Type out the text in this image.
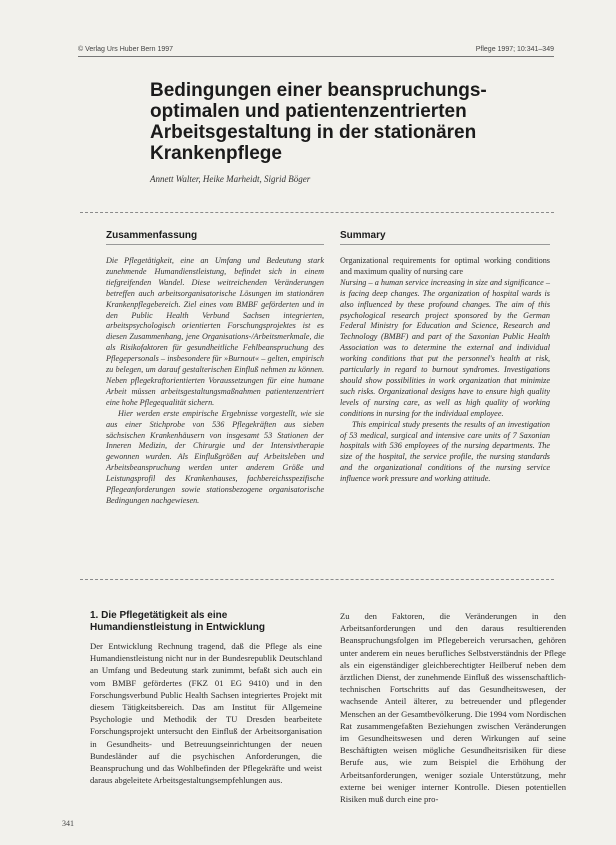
© Verlag Urs Huber Bern 1997	Pflege 1997; 10:341–349
Bedingungen einer beanspruchungs-optimalen und patientenzentrierten Arbeitsgestaltung in der stationären Krankenpflege
Annett Walter, Heike Marheidt, Sigrid Böger
Zusammenfassung

Die Pflegetätigkeit, eine an Umfang und Bedeutung stark zunehmende Humandienstleistung, befindet sich in einem tiefgreifenden Wandel. Diese weitreichenden Veränderungen betreffen auch arbeitsorganisatorische Lösungen im stationären Krankenpflegebereich. Ziel eines vom BMBF geförderten und in den Public Health Verbund Sachsen integrierten, arbeitspsychologisch orientierten Forschungsprojektes ist es diesen Zusammenhang, jene Organisations-/Arbeitsmerkmale, die als Risikofaktoren für gesundheitliche Fehlbeanspruchung des Pflegepersonals – insbesondere für »Burnout« – gelten, empirisch zu belegen, um darauf gestalterischen Einfluß nehmen zu können. Neben pflegekraftorientierten Voraussetzungen für eine humane Arbeit müssen arbeitsgestaltungsmaßnahmen patientenzentriert eine hohe Pflegequalität sichern.

Hier werden erste empirische Ergebnisse vorgestellt, wie sie aus einer Stichprobe von 536 Pflegekräften aus sieben sächsischen Krankenhäusern von insgesamt 53 Stationen der Inneren Medizin, der Chirurgie und der Intensivtherapie gewonnen wurden. Als Einflußgrößen auf Arbeitsleben und Arbeitsbeanspruchung werden unter anderem Größe und Leistungsprofil des Krankenhauses, fachbereichsspezifische Pflegeanforderungen sowie stationsbezogene organisatorische Bedingungen nachgewiesen.

Summary

Organizational requirements for optimal working conditions and maximum quality of nursing care

Nursing – a human service increasing in size and significance – is facing deep changes. The organization of hospital wards is also influenced by these profound changes. The aim of this psychological research project sponsored by the German Federal Ministry for Education and Science, Research and Technology (BMBF) and part of the Saxonian Public Health Association was to determine the external and individual working conditions that put the personnel's health at risk, particularly in regard to burnout syndromes. Investigations should show possibilities in work organization that minimize such risks. Organizational designs have to ensure high quality levels of nursing care, as well as high quality of working conditions in nursing for the individual employee.

This empirical study presents the results of an investigation of 53 medical, surgical and intensive care units of 7 Saxonian hospitals with 536 employees of the nursing departments. The size of the hospital, the service profile, the nursing standards and the organizational conditions of the nursing service influence work pressure and working attitude.

1. Die Pflegetätigkeit als eine Humandienstleistung in Entwicklung

Der Entwicklung Rechnung tragend, daß die Pflege als eine Humandienstleistung nicht nur in der Bundesrepublik Deutschland an Umfang und Bedeutung stark zunimmt, befaßt sich auch ein vom BMBF gefördertes (FKZ 01 EG 9410) und in den Forschungsverbund Public Health Sachsen integriertes Projekt mit diesem Tätigkeitsbereich. Das am Institut für Allgemeine Psychologie und Methodik der TU Dresden bearbeitete Forschungsprojekt untersucht den Einfluß der Arbeitsorganisation in Gesundheits- und Betreuungseinrichtungen der neuen Bundesländer auf die psychischen Anforderungen, die Beanspruchung und das Wohlbefinden der Pflegekräfte und weist daraus abgeleitete Arbeitsgestaltungsempfehlungen aus.

Zu den Faktoren, die Veränderungen in den Arbeitsanforderungen und den daraus resultierenden Beanspruchungsfolgen im Pflegebereich verursachen, gehören unter anderem ein neues berufliches Selbstverständnis der Pflege als ein eigenständiger gleichberechtigter Heilberuf neben dem ärztlichen Dienst, der zunehmende Einfluß des wissenschaftlich-technischen Fortschritts auf das Gesundheitswesen, der wachsende Anteil älterer, zu betreuender und pflegender Menschen an der Gesamtbevölkerung. Die 1994 vom Nordischen Rat zusammengefaßten Beziehungen zwischen Veränderungen im Gesundheitswesen und deren Wirkungen auf seine Beschäftigten weisen mögliche Gesundheitsrisiken für diese Berufe aus, wie zum Beispiel die Erhöhung der Arbeitsanforderungen, weniger soziale Unterstützung, mehr externe bei weniger interner Kontrolle. Diesen potentiellen Risiken muß durch eine pro-

341
